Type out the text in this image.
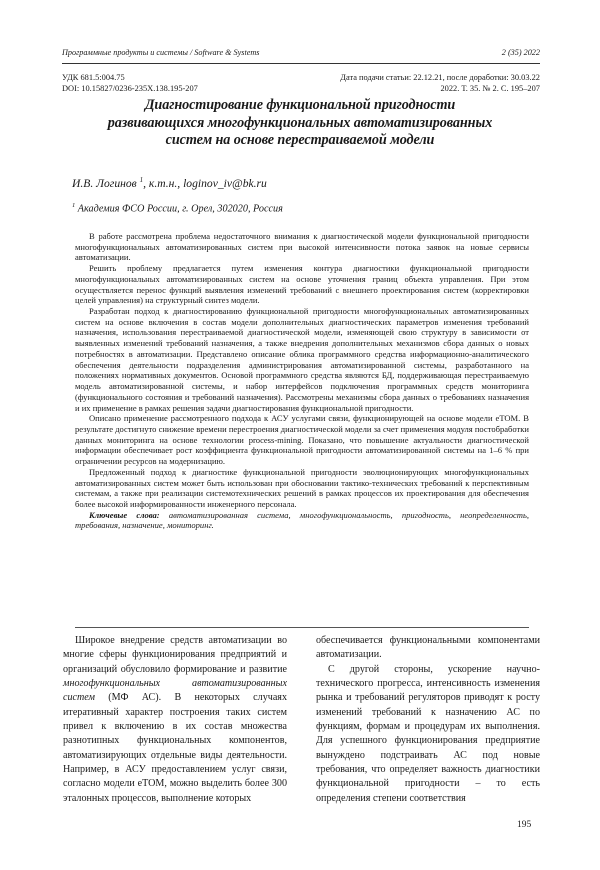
Программные продукты и системы / Software & Systems	2 (35) 2022
УДК 681.5:004.75	Дата подачи статьи: 22.12.21, после доработки: 30.03.22
DOI: 10.15827/0236-235X.138.195-207	2022. Т. 35. № 2. С. 195–207
Диагностирование функциональной пригодности развивающихся многофункциональных автоматизированных систем на основе перестраиваемой модели
И.В. Логинов $^1$, к.т.н., loginov_iv@bk.ru
$^1$ Академия ФСО России, г. Орел, 302020, Россия

В работе рассмотрена проблема недостаточного внимания к диагностической модели функциональной пригодности многофункциональных автоматизированных систем при высокой интенсивности потока заявок на новые сервисы автоматизации.

Решить проблему предлагается путем изменения контура диагностики функциональной пригодности многофункциональных автоматизированных систем на основе уточнения границ объекта управления. При этом осуществляется перенос функций выявления изменений требований с внешнего проектирования систем (корректировки целей управления) на структурный синтез модели.

Разработан подход к диагностированию функциональной пригодности многофункциональных автоматизированных систем на основе включения в состав модели дополнительных диагностических параметров изменения требований назначения, использования перестраиваемой диагностической модели, изменяющей свою структуру в зависимости от выявленных изменений требований назначения, а также внедрения дополнительных механизмов сбора данных о новых потребностях в автоматизации. Представлено описание облика программного средства информационно-аналитического обеспечения деятельности подразделения администрирования автоматизированной системы, разработанного на положениях нормативных документов. Основой программного средства являются БД, поддерживающая перестраиваемую модель автоматизированной системы, и набор интерфейсов подключения программных средств мониторинга (функционального состояния и требований назначения). Рассмотрены механизмы сбора данных о требованиях назначения и их применение в рамках решения задачи диагностирования функциональной пригодности.

Описано применение рассмотренного подхода к АСУ услугами связи, функционирующей на основе модели eTOM. В результате достигнуто снижение времени перестроения диагностической модели за счет применения модуля постобработки данных мониторинга на основе технологии process-mining. Показано, что повышение актуальности диагностической информации обеспечивает рост коэффициента функциональной пригодности автоматизированной системы на 1–6 % при ограничении ресурсов на модернизацию.

Предложенный подход к диагностике функциональной пригодности эволюционирующих многофункциональных автоматизированных систем может быть использован при обосновании тактико-технических требований к перспективным системам, а также при реализации системотехнических решений в рамках процессов их проектирования для обеспечения более высокой информированности инженерного персонала.

Ключевые слова: автоматизированная система, многофункциональность, пригодность, неопределенность, требования, назначение, мониторинг.

Широкое внедрение средств автоматизации во многие сферы функционирования предприятий и организаций обусловило формирование и развитие многофункциональных автоматизированных систем (МФ АС). В некоторых случаях итеративный характер построения таких систем привел к включению в их состав множества разнотипных функциональных компонентов, автоматизирующих отдельные виды деятельности. Например, в АСУ предоставлением услуг связи, согласно модели eTOM, можно выделить более 300 эталонных процессов, выполнение которых

обеспечивается функциональными компонентами автоматизации.

С другой стороны, ускорение научно-технического прогресса, интенсивность изменения рынка и требований регуляторов приводят к росту изменений требований к назначению АС по функциям, формам и процедурам их выполнения. Для успешного функционирования предприятие вынуждено подстраивать АС под новые требования, что определяет важность диагностики функциональной пригодности – то есть определения степени соответствия

195
